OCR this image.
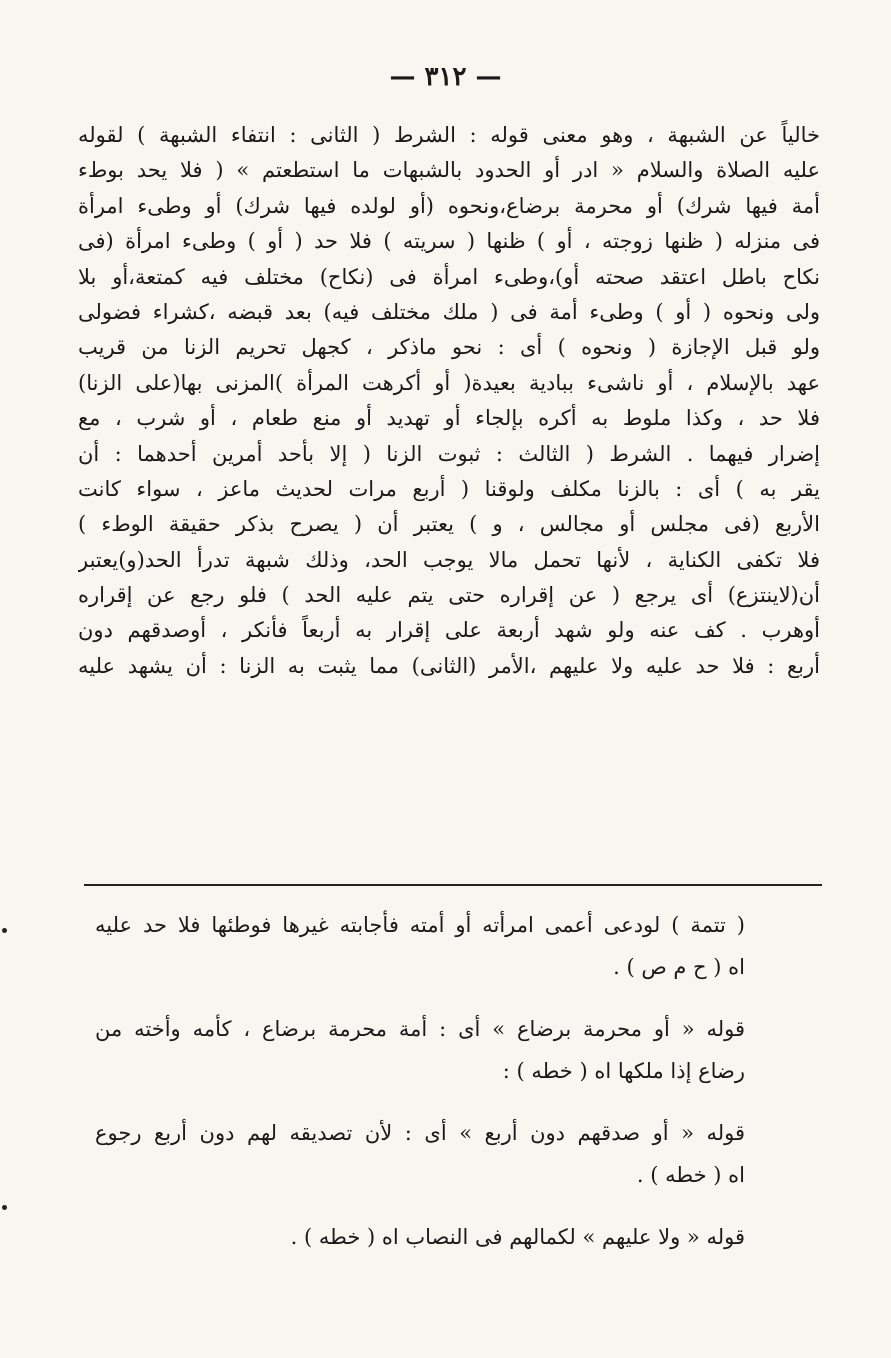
— ٣١٢ —
خالياً عن الشبهة ، وهو معنى قوله : الشرط ( الثانى : انتفاء الشبهة ) لقوله
عليه الصلاة والسلام « ادر أو الحدود بالشبهات ما استطعتم » ( فلا يحد بوطء
أمة فيها شرك) أو محرمة برضاع،ونحوه (أو لولده فيها شرك) أو وطىء امرأة
فى منزله ( ظنها زوجته ، أو ) ظنها ( سريته ) فلا حد ( أو ) وطىء امرأة (فى
نكاح باطل اعتقد صحته أو)،وطىء امرأة فى (نكاح) مختلف فيه كمتعة،أو بلا
ولى ونحوه ( أو ) وطىء أمة فى ( ملك مختلف فيه) بعد قبضه ،كشراء فضولى
ولو قبل الإجازة ( ونحوه ) أى : نحو ماذكر ، كجهل تحريم الزنا من قريب
عهد بالإسلام ، أو ناشىء ببادية بعيدة( أو أكرهت المرأة )المزنى بها(على الزنا)
فلا حد ، وكذا ملوط به أكره بإلجاء أو تهديد أو منع طعام ، أو شرب ، مع
إضرار فيهما . الشرط ( الثالث : ثبوت الزنا ( إلا بأحد أمرين أحدهما : أن
يقر به ) أى : بالزنا مكلف ولوقنا ( أربع مرات لحديث ماعز ، سواء كانت
الأربع (فى مجلس أو مجالس ، و ) يعتبر أن ( يصرح بذكر حقيقة الوطء )
فلا تكفى الكناية ، لأنها تحمل مالا يوجب الحد، وذلك شبهة تدرأ الحد(و)يعتبر
أن(لاينتزع) أى يرجع ( عن إقراره حتى يتم عليه الحد ) فلو رجع عن إقراره
أوهرب . كف عنه ولو شهد أربعة على إقرار به أربعاً فأنكر ، أوصدقهم دون
أربع : فلا حد عليه ولا عليهم ،الأمر (الثانى) مما يثبت به الزنا : أن يشهد عليه
( تتمة ) لودعى أعمى امرأته أو أمته فأجابته غيرها فوطئها فلا حد عليه
اه ( ح م ص ) .
قوله « أو محرمة برضاع » أى : أمة محرمة برضاع ، كأمه وأخته من
رضاع إذا ملكها اه ( خطه ) :
قوله « أو صدقهم دون أربع » أى : لأن تصديقه لهم دون أربع رجوع
اه ( خطه ) .
قوله « ولا عليهم » لكمالهم فى النصاب اه ( خطه ) .
